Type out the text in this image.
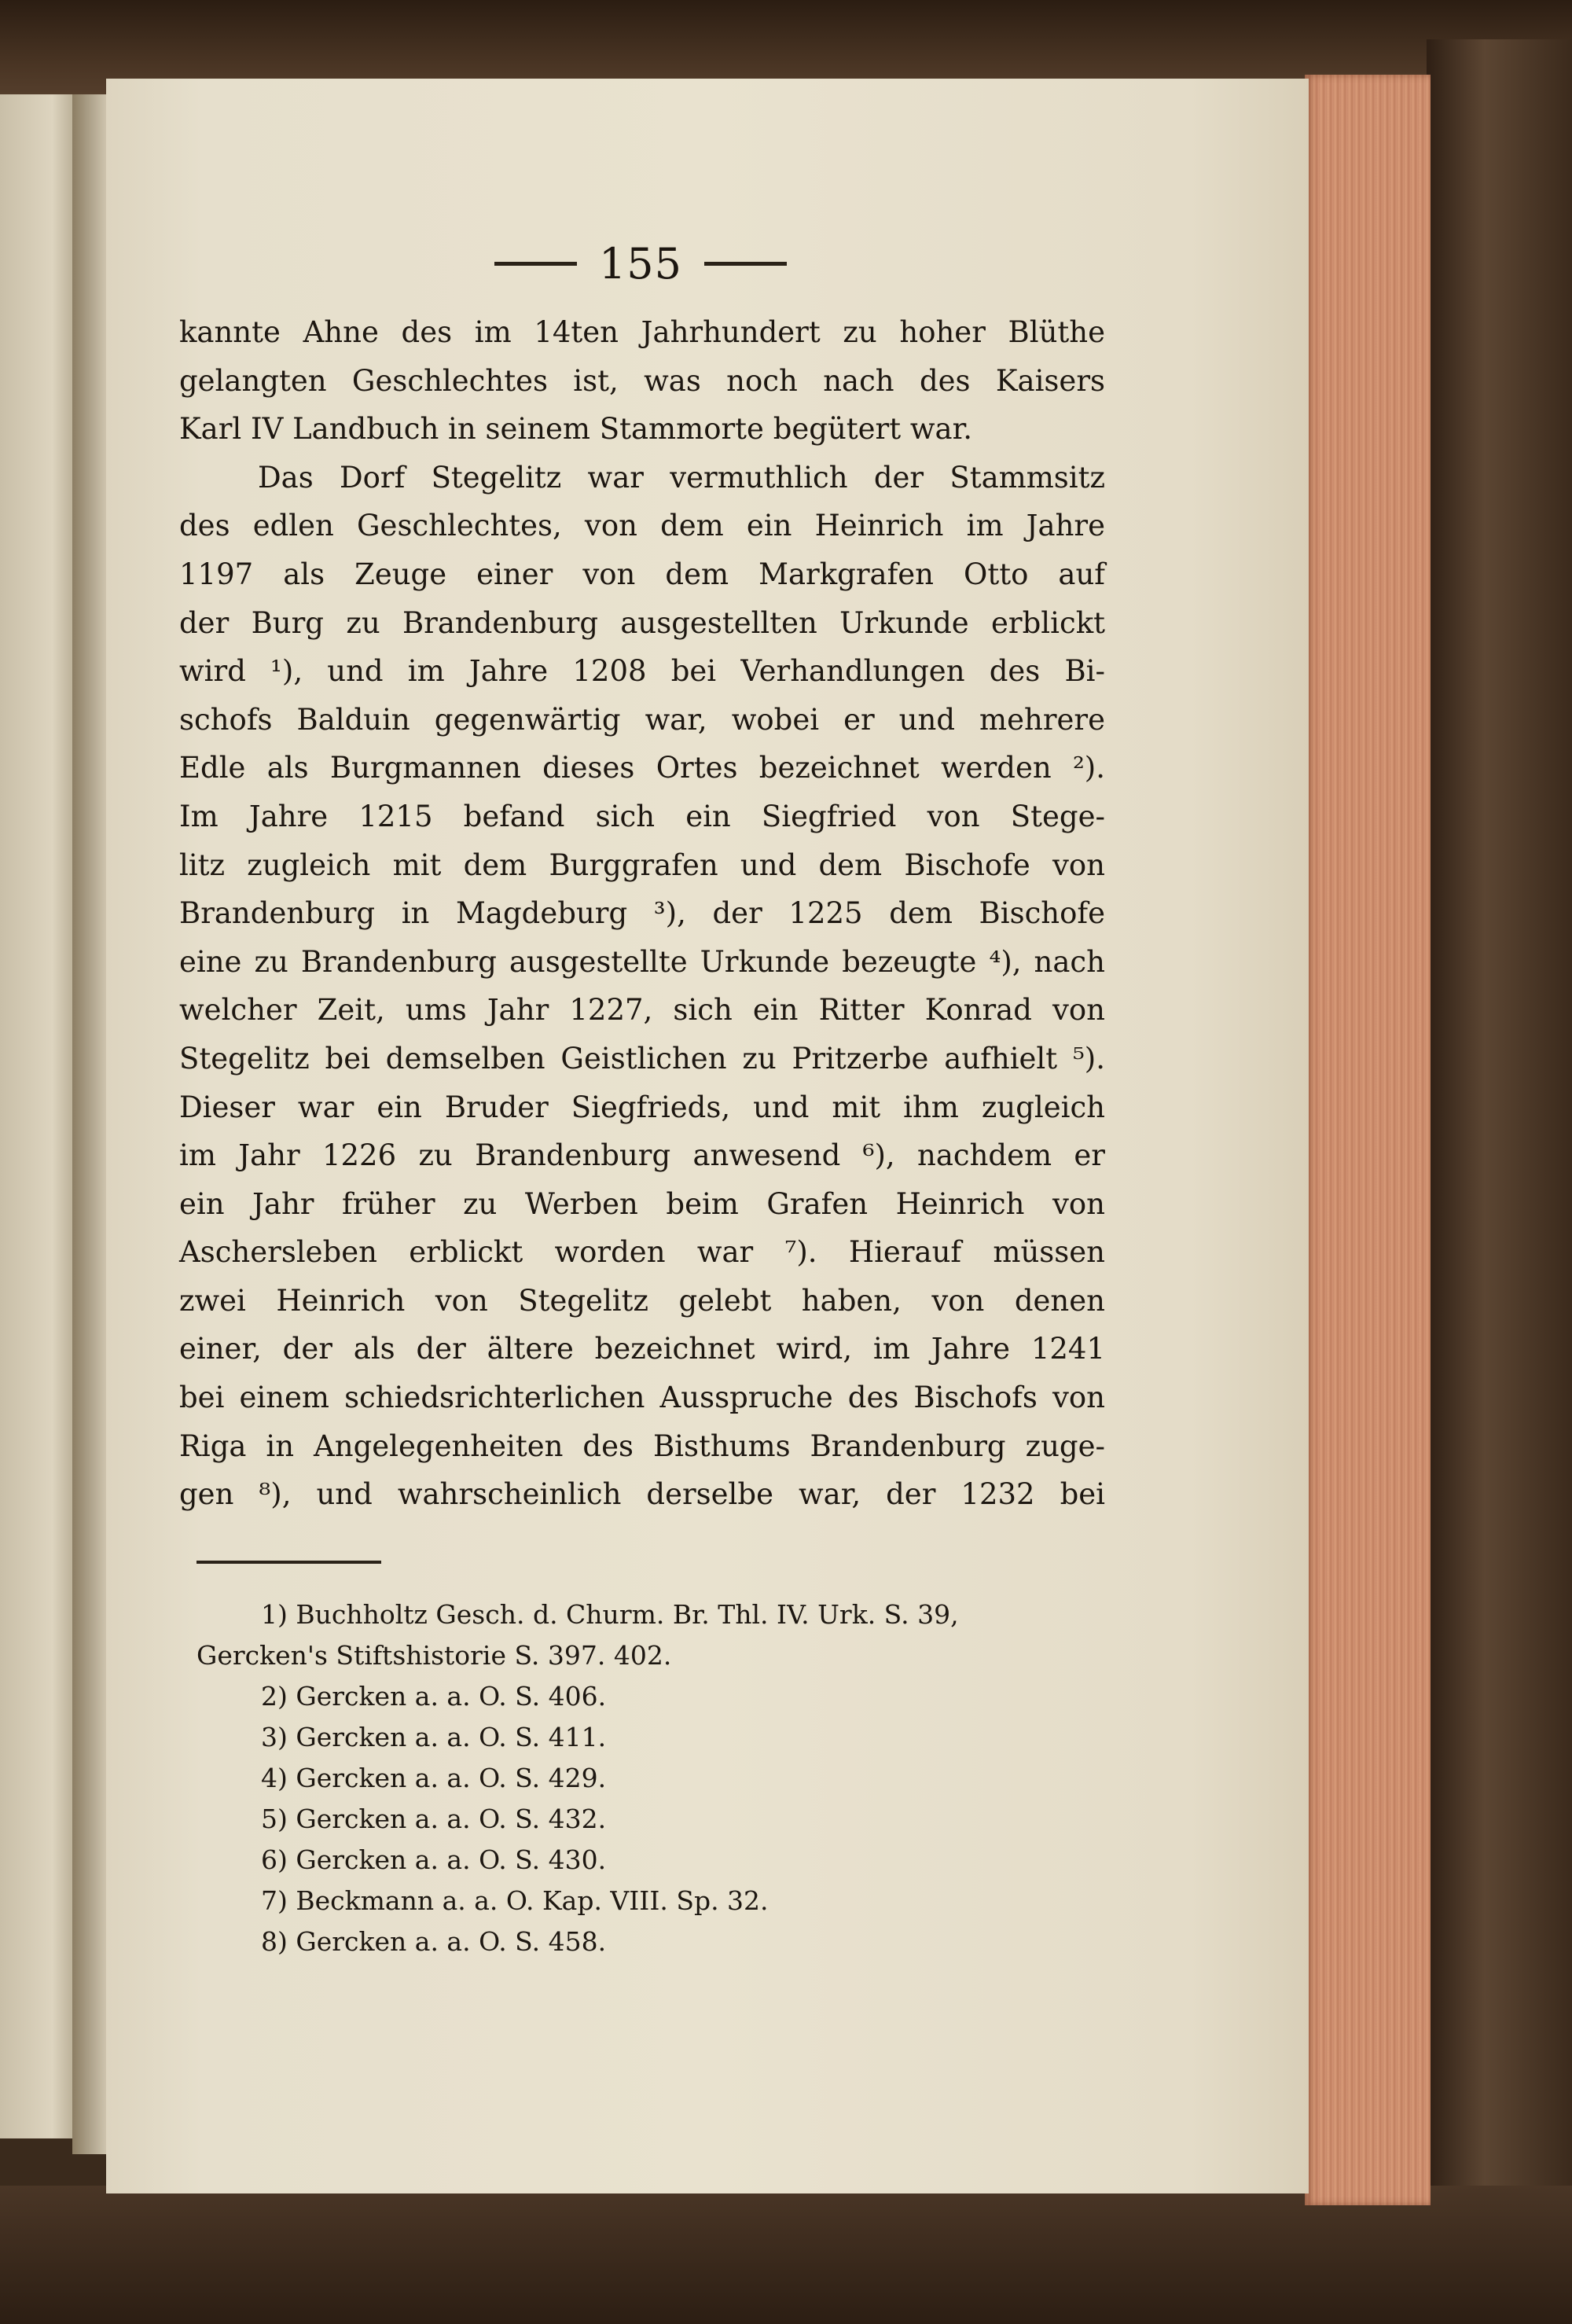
155
kannte Ahne des im 14ten Jahrhundert zu hoher Blüthe
gelangten Geschlechtes ist, was noch nach des Kaisers
Karl IV Landbuch in seinem Stammorte begütert war.
Das Dorf Stegelitz war vermuthlich der Stammsitz
des edlen Geschlechtes, von dem ein Heinrich im Jahre
1197 als Zeuge einer von dem Markgrafen Otto auf
der Burg zu Brandenburg ausgestellten Urkunde erblickt
wird ¹), und im Jahre 1208 bei Verhandlungen des Bi-
schofs Balduin gegenwärtig war, wobei er und mehrere
Edle als Burgmannen dieses Ortes bezeichnet werden ²).
Im Jahre 1215 befand sich ein Siegfried von Stege-
litz zugleich mit dem Burggrafen und dem Bischofe von
Brandenburg in Magdeburg ³), der 1225 dem Bischofe
eine zu Brandenburg ausgestellte Urkunde bezeugte ⁴), nach
welcher Zeit, ums Jahr 1227, sich ein Ritter Konrad von
Stegelitz bei demselben Geistlichen zu Pritzerbe aufhielt ⁵).
Dieser war ein Bruder Siegfrieds, und mit ihm zugleich
im Jahr 1226 zu Brandenburg anwesend ⁶), nachdem er
ein Jahr früher zu Werben beim Grafen Heinrich von
Aschersleben erblickt worden war ⁷). Hierauf müssen
zwei Heinrich von Stegelitz gelebt haben, von denen
einer, der als der ältere bezeichnet wird, im Jahre 1241
bei einem schiedsrichterlichen Ausspruche des Bischofs von
Riga in Angelegenheiten des Bisthums Brandenburg zuge-
gen ⁸), und wahrscheinlich derselbe war, der 1232 bei
1) Buchholtz Gesch. d. Churm. Br. Thl. IV. Urk. S. 39,
Gercken's Stiftshistorie S. 397. 402.
2) Gercken a. a. O. S. 406.
3) Gercken a. a. O. S. 411.
4) Gercken a. a. O. S. 429.
5) Gercken a. a. O. S. 432.
6) Gercken a. a. O. S. 430.
7) Beckmann a. a. O. Kap. VIII. Sp. 32.
8) Gercken a. a. O. S. 458.
